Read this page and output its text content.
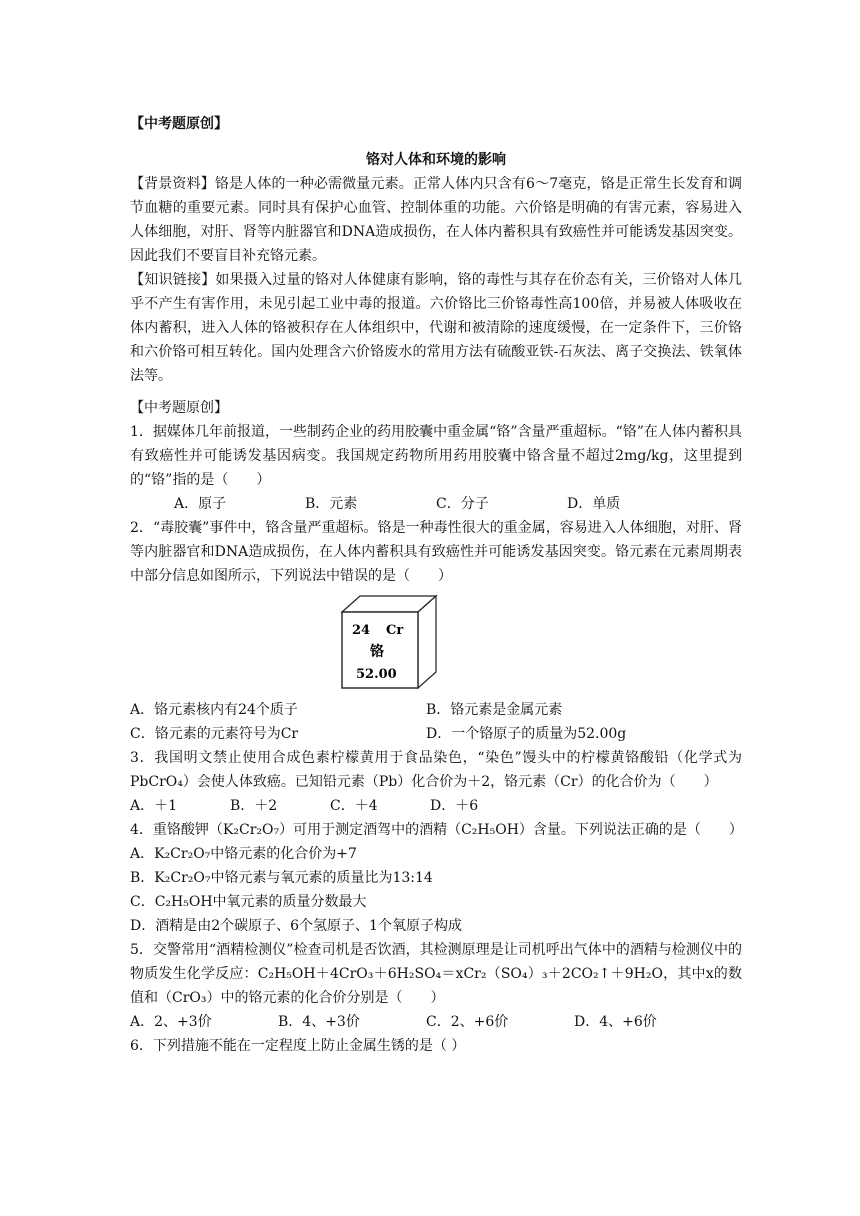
【中考题原创】

铬对人体和环境的影响

【背景资料】铬是人体的一种必需微量元素。正常人体内只含有6～7毫克，铬是正常生长发育和调节血糖的重要元素。同时具有保护心血管、控制体重的功能。六价铬是明确的有害元素，容易进入人体细胞，对肝、肾等内脏器官和DNA造成损伤，在人体内蓄积具有致癌性并可能诱发基因突变。因此我们不要盲目补充铬元素。

【知识链接】如果摄入过量的铬对人体健康有影响，铬的毒性与其存在价态有关，三价铬对人体几乎不产生有害作用，未见引起工业中毒的报道。六价铬比三价铬毒性高100倍，并易被人体吸收在体内蓄积，进入人体的铬被积存在人体组织中，代谢和被清除的速度缓慢，在一定条件下，三价铬和六价铬可相互转化。国内处理含六价铬废水的常用方法有硫酸亚铁-石灰法、离子交换法、铁氧体法等。

【中考题原创】

1．据媒体几年前报道，一些制药企业的药用胶囊中重金属“铬”含量严重超标。“铬”在人体内蓄积具有致癌性并可能诱发基因病变。我国规定药物所用药用胶囊中铬含量不超过2mg/kg，这里提到的“铬”指的是（　　）

A．原子	B．元素	C．分子	D．单质

2．“毒胶囊”事件中，铬含量严重超标。铬是一种毒性很大的重金属，容易进入人体细胞，对肝、肾等内脏器官和DNA造成损伤，在人体内蓄积具有致癌性并可能诱发基因突变。铬元素在元素周期表中部分信息如图所示，下列说法中错误的是（　　）

24 Cr
铬
52.00
A．铬元素核内有24个质子	B．铬元素是金属元素
C．铬元素的元素符号为Cr	D．一个铬原子的质量为52.00g

3．我国明文禁止使用合成色素柠檬黄用于食品染色，“染色”馒头中的柠檬黄铬酸铅（化学式为PbCrO₄）会使人体致癌。已知铅元素（Pb）化合价为＋2，铬元素（Cr）的化合价为（　　）

A．＋1	B．＋2	C．＋4	D．＋6

4．重铬酸钾（K₂Cr₂O₇）可用于测定酒驾中的酒精（C₂H₅OH）含量。下列说法正确的是（　　）

A．K₂Cr₂O₇中铬元素的化合价为+7

B．K₂Cr₂O₇中铬元素与氧元素的质量比为13:14

C．C₂H₅OH中氧元素的质量分数最大

D．酒精是由2个碳原子、6个氢原子、1个氧原子构成

5．交警常用“酒精检测仪”检查司机是否饮酒，其检测原理是让司机呼出气体中的酒精与检测仪中的物质发生化学反应：C₂H₅OH＋4CrO₃＋6H₂SO₄＝xCr₂（SO₄）₃＋2CO₂↑＋9H₂O，其中x的数值和（CrO₃）中的铬元素的化合价分别是（　　）

A．2、+3价	B．4、+3价	C．2、+6价	D．4、+6价

6．下列措施不能在一定程度上防止金属生锈的是（ ）
